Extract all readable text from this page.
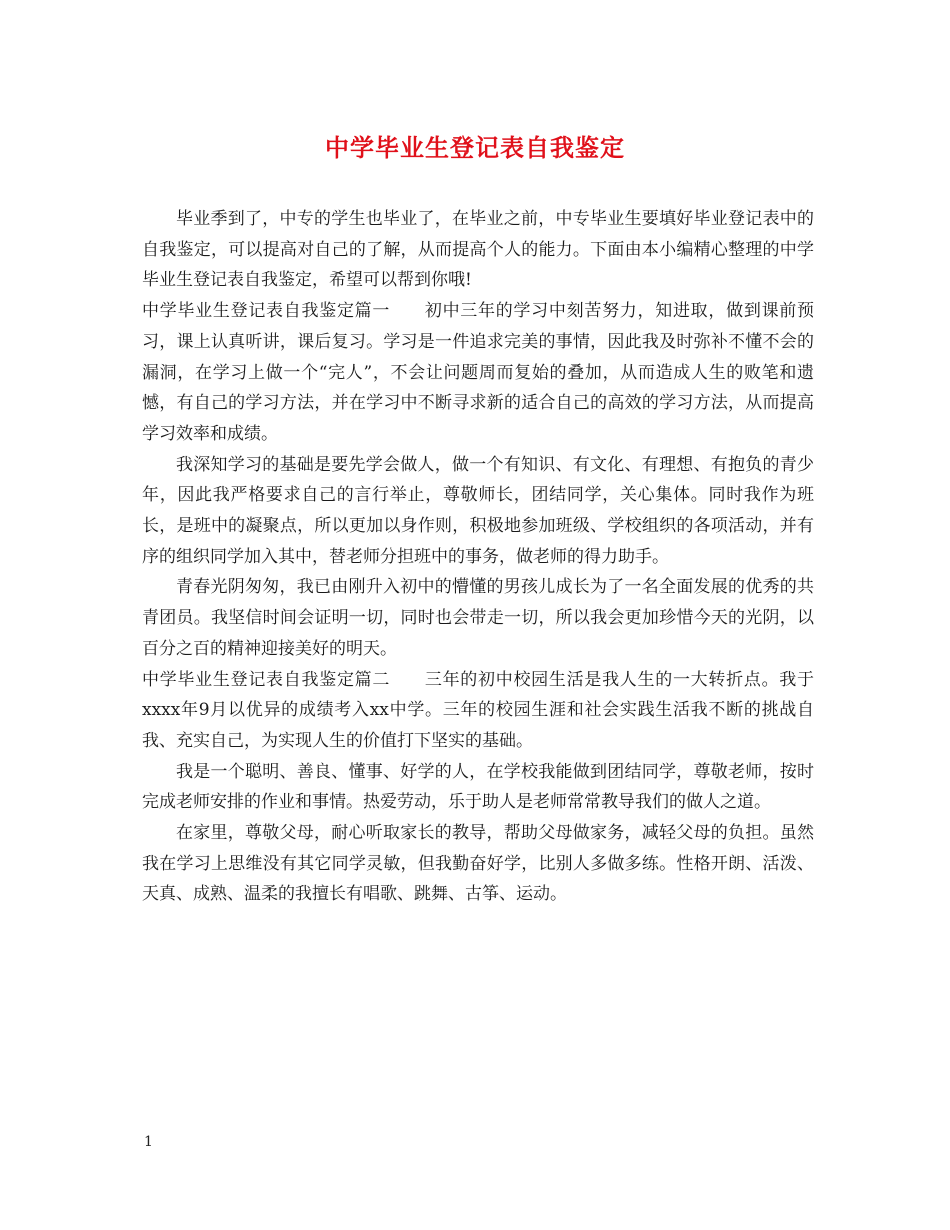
中学毕业生登记表自我鉴定

毕业季到了，中专的学生也毕业了，在毕业之前，中专毕业生要填好毕业登记表中的自我鉴定，可以提高对自己的了解，从而提高个人的能力。下面由本小编精心整理的中学毕业生登记表自我鉴定，希望可以帮到你哦!

中学毕业生登记表自我鉴定篇一 初中三年的学习中刻苦努力，知进取，做到课前预习，课上认真听讲，课后复习。学习是一件追求完美的事情，因此我及时弥补不懂不会的漏洞，在学习上做一个“完人”，不会让问题周而复始的叠加，从而造成人生的败笔和遗憾，有自己的学习方法，并在学习中不断寻求新的适合自己的高效的学习方法，从而提高学习效率和成绩。

我深知学习的基础是要先学会做人，做一个有知识、有文化、有理想、有抱负的青少年，因此我严格要求自己的言行举止，尊敬师长，团结同学，关心集体。同时我作为班长，是班中的凝聚点，所以更加以身作则，积极地参加班级、学校组织的各项活动，并有序的组织同学加入其中，替老师分担班中的事务，做老师的得力助手。

青春光阴匆匆，我已由刚升入初中的懵懂的男孩儿成长为了一名全面发展的优秀的共青团员。我坚信时间会证明一切，同时也会带走一切，所以我会更加珍惜今天的光阴，以百分之百的精神迎接美好的明天。

中学毕业生登记表自我鉴定篇二 三年的初中校园生活是我人生的一大转折点。我于xxxx年9月以优异的成绩考入xx中学。三年的校园生涯和社会实践生活我不断的挑战自我、充实自己，为实现人生的价值打下坚实的基础。

我是一个聪明、善良、懂事、好学的人，在学校我能做到团结同学，尊敬老师，按时完成老师安排的作业和事情。热爱劳动，乐于助人是老师常常教导我们的做人之道。

在家里，尊敬父母，耐心听取家长的教导，帮助父母做家务，减轻父母的负担。虽然我在学习上思维没有其它同学灵敏，但我勤奋好学，比别人多做多练。性格开朗、活泼、天真、成熟、温柔的我擅长有唱歌、跳舞、古筝、运动。

1
